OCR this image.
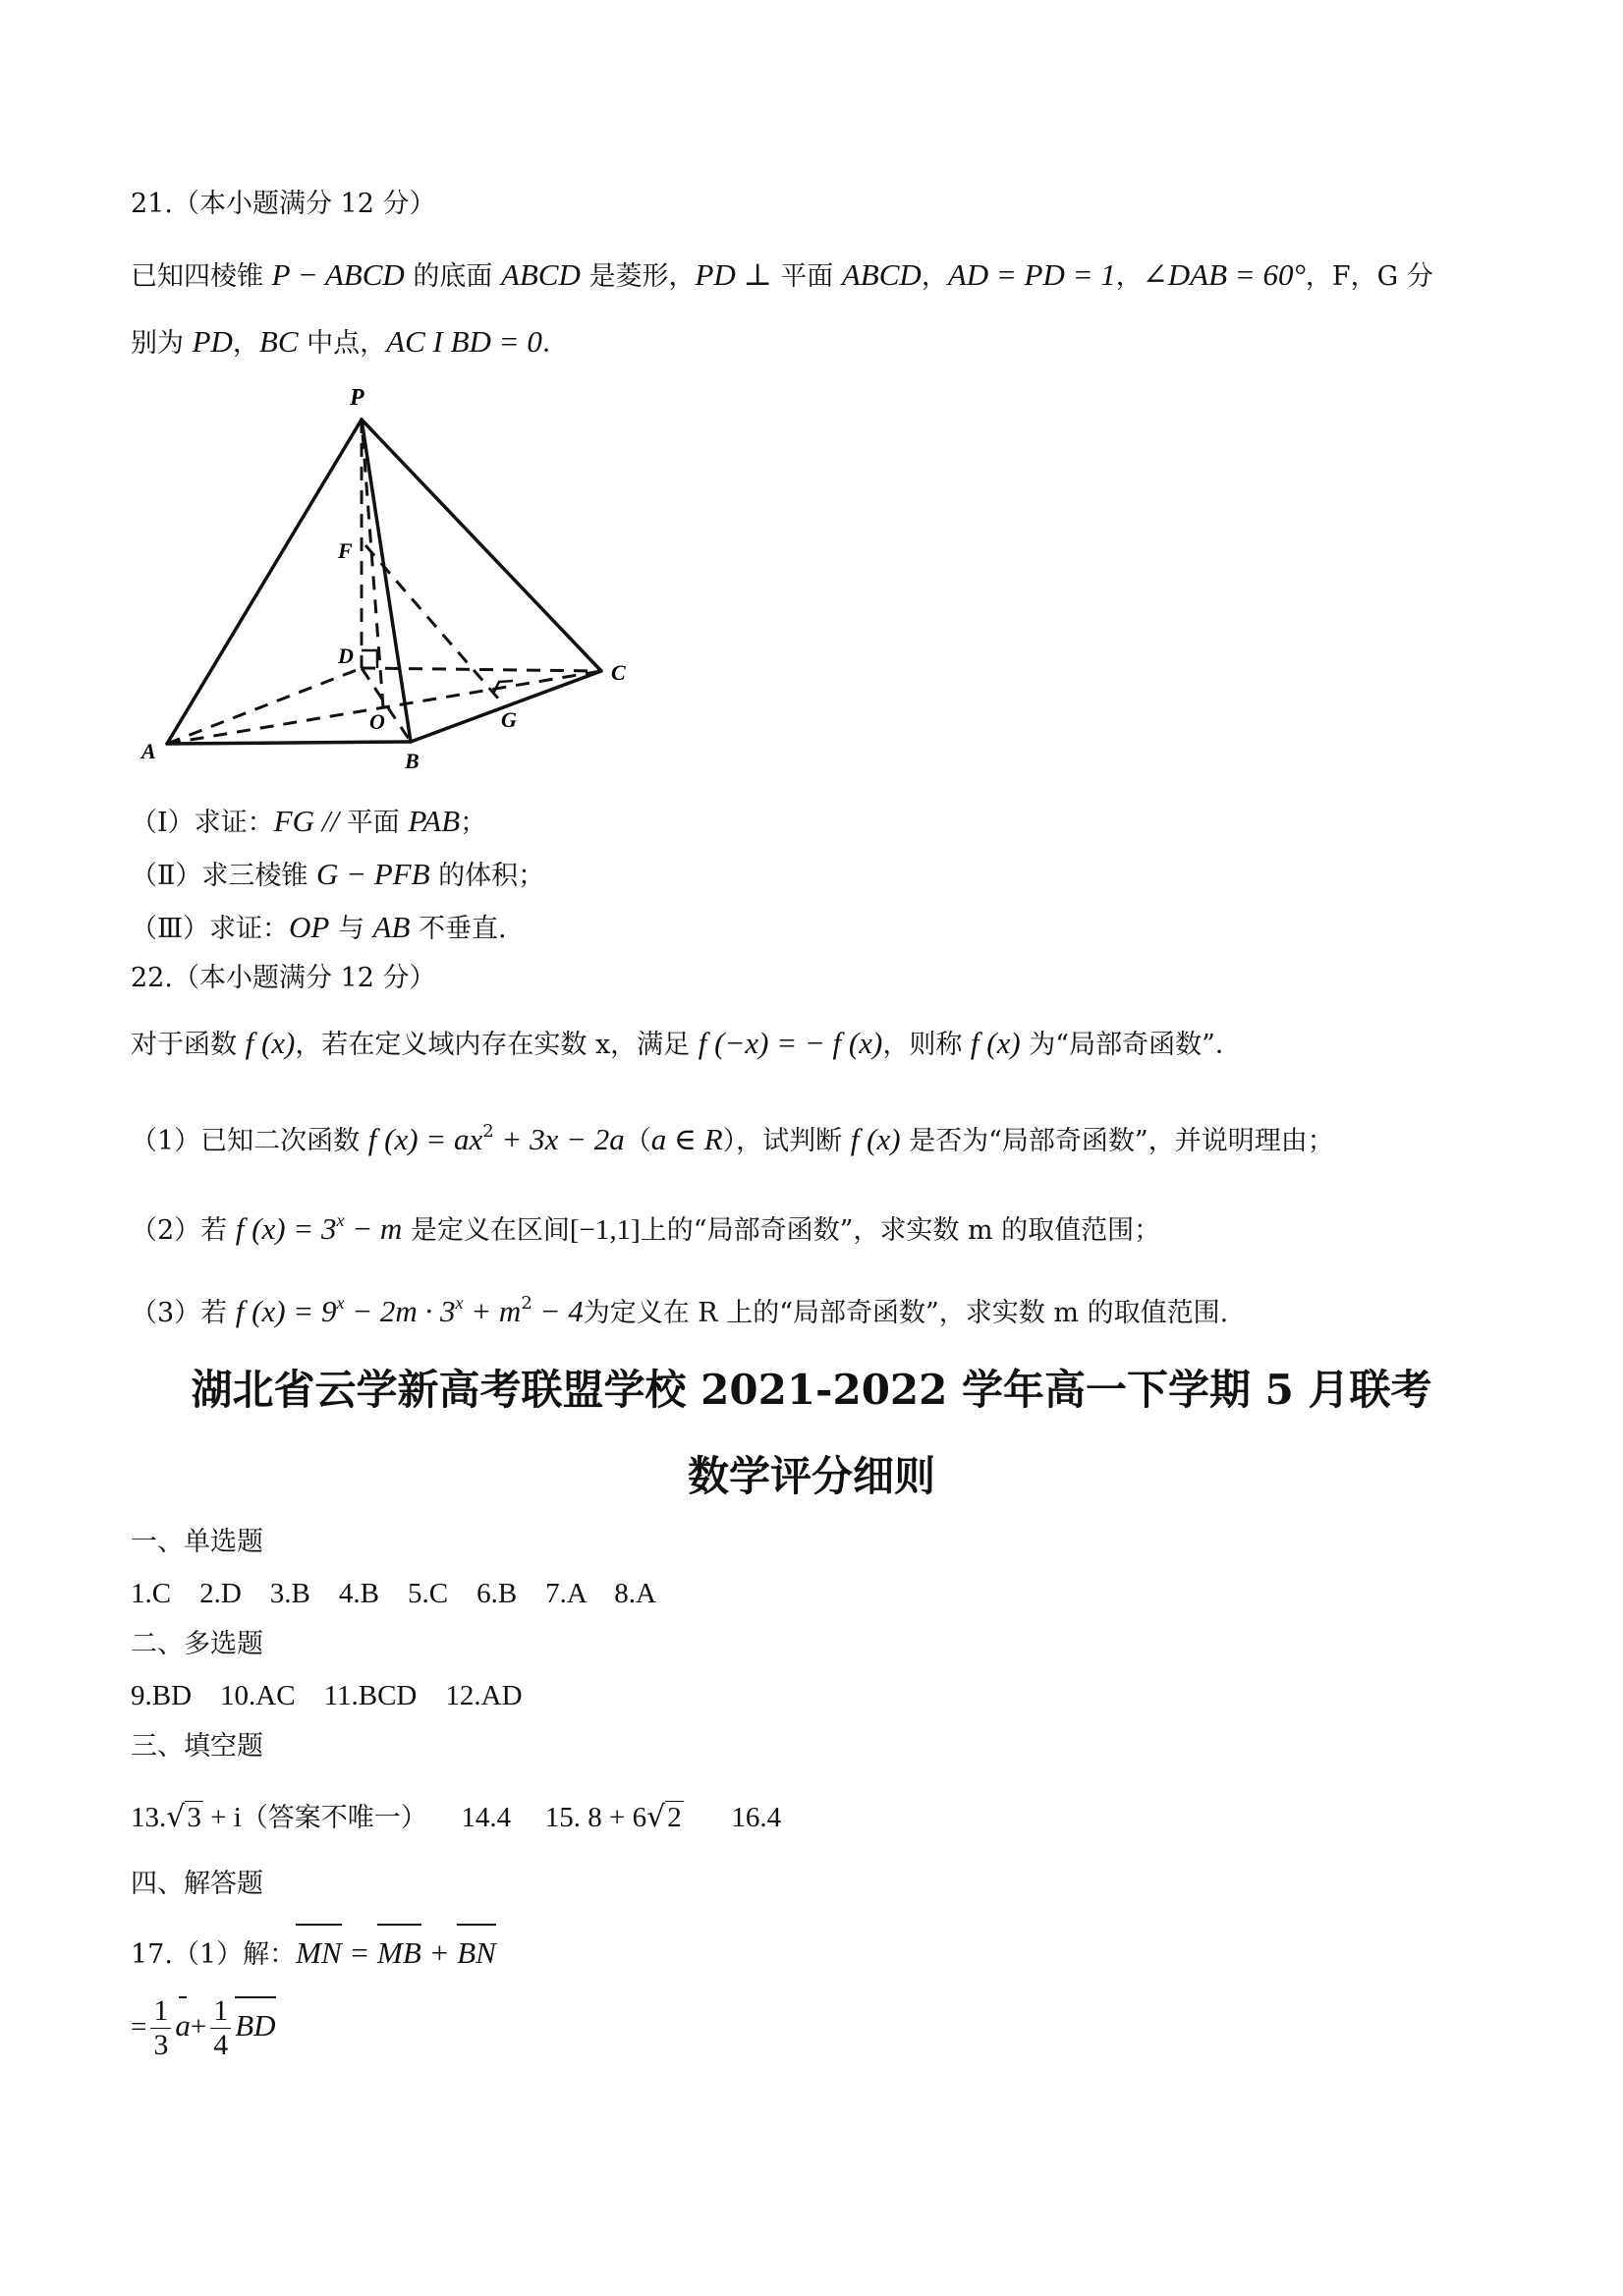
21.（本小题满分 12 分）
已知四棱锥 P − ABCD 的底面 ABCD 是菱形，PD ⊥ 平面 ABCD，AD = PD = 1，∠DAB = 60°，F，G 分
别为 PD，BC 中点，AC I BD = 0．
P
F
D
C
O	G
A	B
（Ⅰ）求证：FG // 平面 PAB；
（Ⅱ）求三棱锥 G − PFB 的体积；
（Ⅲ）求证：OP 与 AB 不垂直.
22.（本小题满分 12 分）
对于函数 f (x)，若在定义域内存在实数 x，满足 f (−x) = − f (x)，则称 f (x) 为“局部奇函数”．
（1）已知二次函数 f $(x) = ax^2 + 3x - 2a(a$ ∈ R），试判断 f (x) 是否为“局部奇函数”，并说明理由；
（2）若 f $(x) = 3^x - m$ 是定义在区间[−1,1]上的“局部奇函数”，求实数 m 的取值范围；
（3）若 f $(x) = 9^x - 2m \cdot 3^x + m^2 - 4$为定义在 R 上的“局部奇函数”，求实数 m 的取值范围.
湖北省云学新高考联盟学校 2021-2022 学年高一下学期 5 月联考
数学评分细则
一、单选题
1.C　2.D　3.B　4.B　5.C　6.B　7.A　8.A
二、多选题
9.BD　10.AC　11.BCD　12.AD
三、填空题
13.√3 + i（答案不唯一） 14.4 15. 8 + 6√2 16.4
四、解答题
17.（1）解：
MN =
MB +
BN
= $\frac{1}{3} a+ \frac{1}{4}$ BD
